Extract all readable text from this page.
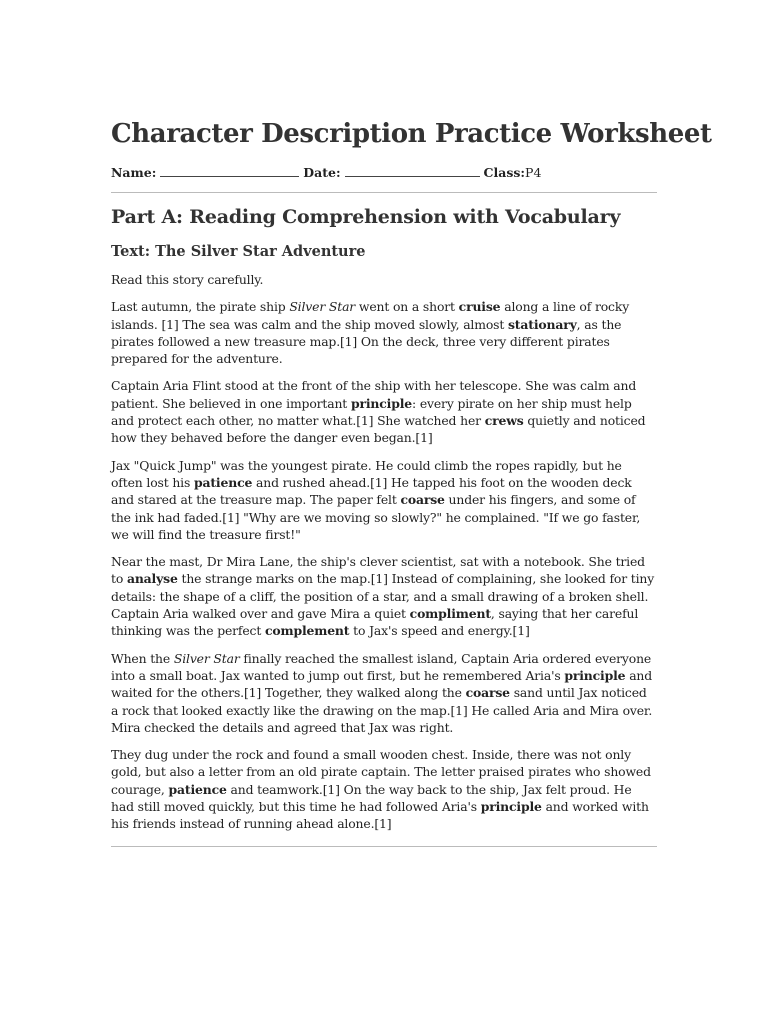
Character Description Practice Worksheet
Name:	Date:	Class:P4
Part A: Reading Comprehension with Vocabulary
Text: The Silver Star Adventure

Read this story carefully.

Last autumn, the pirate ship Silver Star went on a short cruise along a line of rocky islands. [1] The sea was calm and the ship moved slowly, almost stationary, as the pirates followed a new treasure map.[1] On the deck, three very different pirates prepared for the adventure.

Captain Aria Flint stood at the front of the ship with her telescope. She was calm and patient. She believed in one important principle: every pirate on her ship must help and protect each other, no matter what.[1] She watched her crews quietly and noticed how they behaved before the danger even began.[1]

Jax "Quick Jump" was the youngest pirate. He could climb the ropes rapidly, but he often lost his patience and rushed ahead.[1] He tapped his foot on the wooden deck and stared at the treasure map. The paper felt coarse under his fingers, and some of the ink had faded.[1] "Why are we moving so slowly?" he complained. "If we go faster, we will find the treasure first!"

Near the mast, Dr Mira Lane, the ship's clever scientist, sat with a notebook. She tried to analyse the strange marks on the map.[1] Instead of complaining, she looked for tiny details: the shape of a cliff, the position of a star, and a small drawing of a broken shell. Captain Aria walked over and gave Mira a quiet compliment, saying that her careful thinking was the perfect complement to Jax's speed and energy.[1]

When the Silver Star finally reached the smallest island, Captain Aria ordered everyone into a small boat. Jax wanted to jump out first, but he remembered Aria's principle and waited for the others.[1] Together, they walked along the coarse sand until Jax noticed a rock that looked exactly like the drawing on the map.[1] He called Aria and Mira over. Mira checked the details and agreed that Jax was right.

They dug under the rock and found a small wooden chest. Inside, there was not only gold, but also a letter from an old pirate captain. The letter praised pirates who showed courage, patience and teamwork.[1] On the way back to the ship, Jax felt proud. He had still moved quickly, but this time he had followed Aria's principle and worked with his friends instead of running ahead alone.[1]
